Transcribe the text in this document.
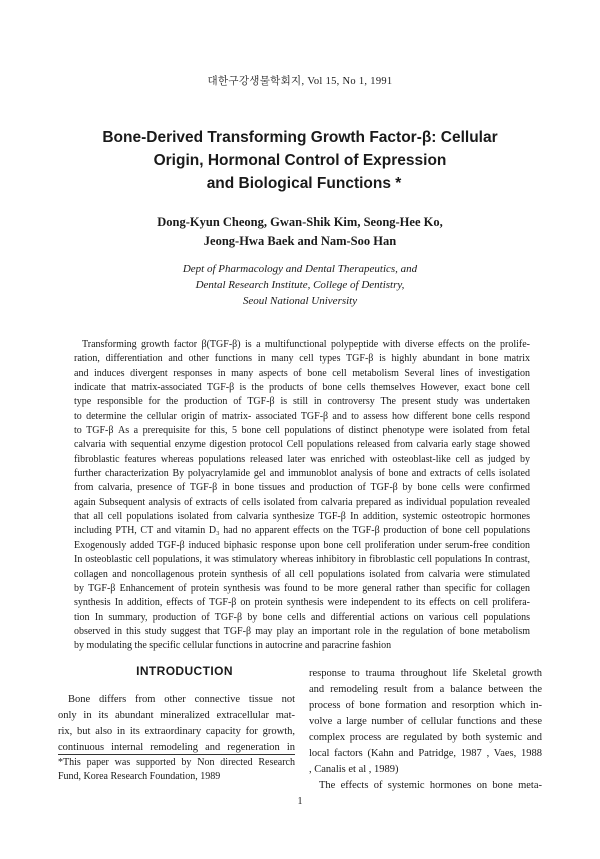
대한구강생물학회지, Vol 15, No 1, 1991
Bone-Derived Transforming Growth Factor-β: Cellular
Origin, Hormonal Control of Expression
and Biological Functions *
Dong-Kyun Cheong, Gwan-Shik Kim, Seong-Hee Ko,
Jeong-Hwa Baek and Nam-Soo Han
Dept of Pharmacology and Dental Therapeutics, and
Dental Research Institute, College of Dentistry,
Seoul National University
Transforming growth factor β(TGF-β) is a multifunctional polypeptide with diverse effects on the prolife-
ration, differentiation and other functions in many cell types TGF-β is highly abundant in bone matrix
and induces divergent responses in many aspects of bone cell metabolism Several lines of investigation
indicate that matrix-associated TGF-β is the products of bone cells themselves However, exact bone cell
type responsible for the production of TGF-β is still in controversy The present study was undertaken
to determine the cellular origin of matrix- associated TGF-β and to assess how different bone cells respond
to TGF-β As a prerequisite for this, 5 bone cell populations of distinct phenotype were isolated from fetal
calvaria with sequential enzyme digestion protocol Cell populations released from calvaria early stage showed
fibroblastic features whereas populations released later was enriched with osteoblast-like cell as judged by
further characterization By polyacrylamide gel and immunoblot analysis of bone and extracts of cells isolated
from calvaria, presence of TGF-β in bone tissues and production of TGF-β by bone cells were confirmed
again Subsequent analysis of extracts of cells isolated from calvaria prepared as individual population revealed
that all cell populations isolated from calvaria synthesize TGF-β In addition, systemic osteotropic hormones
including PTH, CT and vitamin D₃ had no apparent effects on the TGF-β production of bone cell populations
Exogenously added TGF-β induced biphasic response upon bone cell proliferation under serum-free condition
In osteoblastic cell populations, it was stimulatory whereas inhibitory in fibroblastic cell populations In contrast,
collagen and noncollagenous protein synthesis of all cell populations isolated from calvaria were stimulated
by TGF-β Enhancement of protein synthesis was found to be more general rather than specific for collagen
synthesis In addition, effects of TGF-β on protein synthesis were independent to its effects on cell prolifera-
tion In summary, production of TGF-β by bone cells and differential actions on various cell populations
observed in this study suggest that TGF-β may play an important role in the regulation of bone metabolism
by modulating the specific cellular functions in autocrine and paracrine fashion
INTRODUCTION
Bone differs from other connective tissue not
only in its abundant mineralized extracellular mat-
rix, but also in its extraordinary capacity for growth,
continuous internal remodeling and regeneration in
*This paper was supported by Non directed Research
Fund, Korea Research Foundation, 1989
response to trauma throughout life Skeletal growth
and remodeling result from a balance between the
process of bone formation and resorption which in-
volve a large number of cellular functions and these
complex process are regulated by both systemic and
local factors (Kahn and Patridge, 1987 , Vaes, 1988
, Canalis et al , 1989)
The effects of systemic hormones on bone meta-
1
